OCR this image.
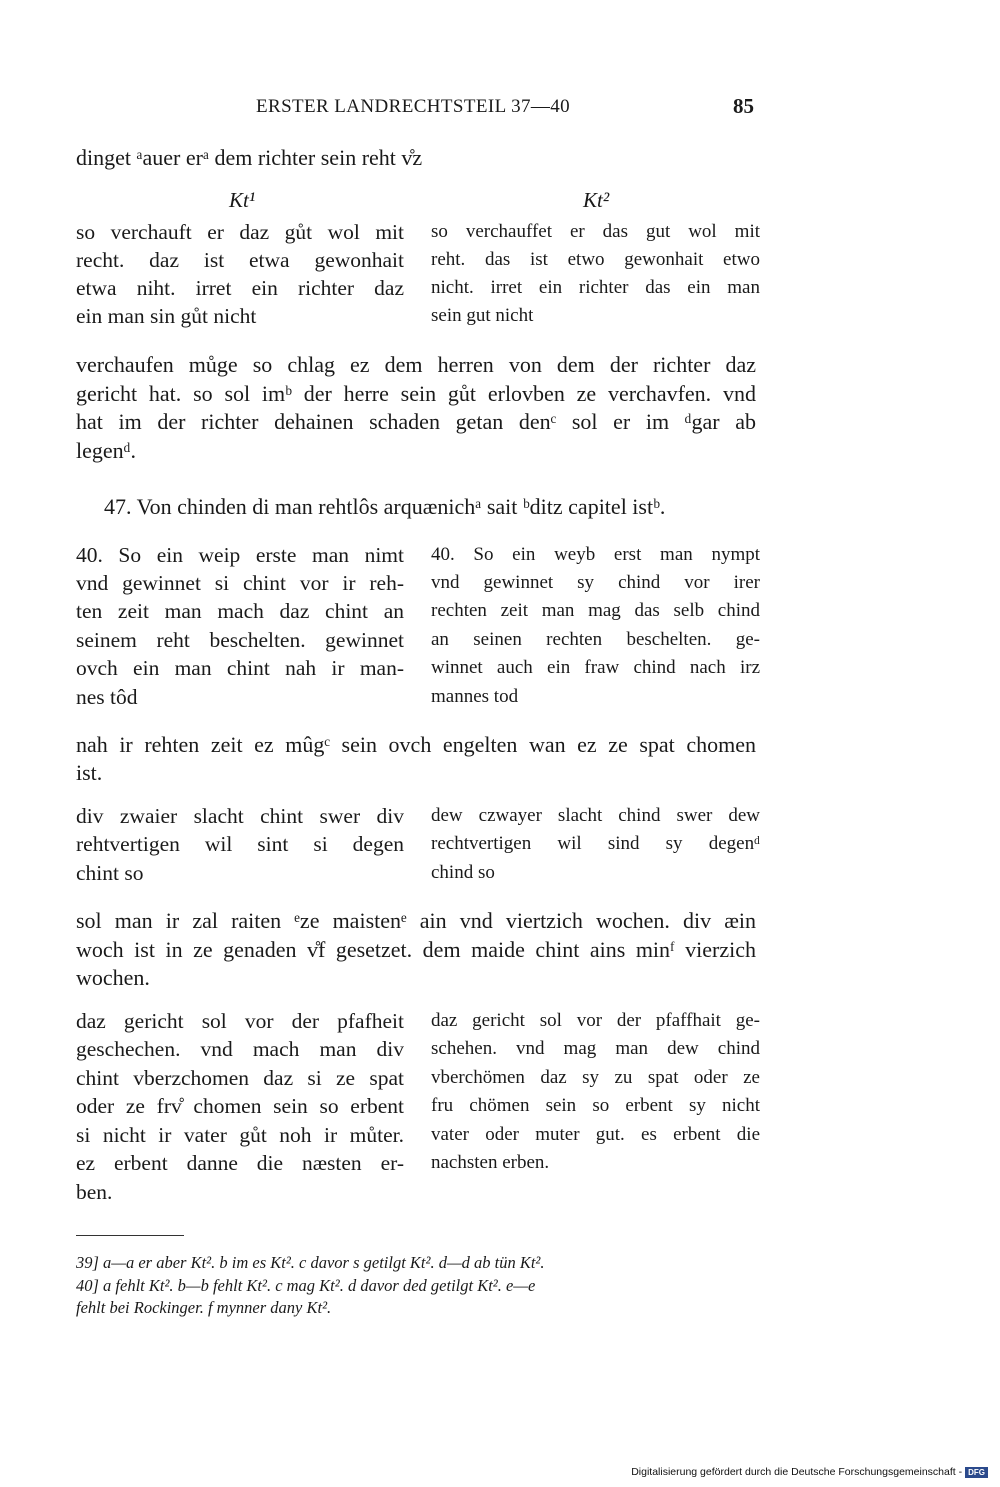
ERSTER LANDRECHTSTEIL 37—40	85
dinget ᵃauer erᵃ dem richter sein reht v̊z
Kt¹	Kt²
so verchauft er daz gůt wol mit
recht. daz ist etwa gewonhait
etwa niht. irret ein richter daz
ein man sin gůt nicht
so verchauffet er das gut wol mit
reht. das ist etwo gewonhait etwo
nicht. irret ein richter das ein man
sein gut nicht
verchaufen můge so chlag ez dem herren von dem der richter daz
gericht hat. so sol imᵇ der herre sein gůt erlovben ze verchavfen. vnd
hat im der richter dehainen schaden getan denᶜ sol er im ᵈgar ab
legenᵈ.
47. Von chinden di man rehtlôs arquænichᵃ sait ᵇditz capitel istᵇ.
40. So ein weip erste man nimt
vnd gewinnet si chint vor ir reh-
ten zeit man mach daz chint an
seinem reht beschelten. gewinnet
ovch ein man chint nah ir man-
nes tôd
40. So ein weyb erst man nympt
vnd gewinnet sy chind vor irer
rechten zeit man mag das selb chind
an seinen rechten beschelten. ge-
winnet auch ein fraw chind nach irz
mannes tod
nah ir rehten zeit ez mûgᶜ sein ovch engelten wan ez ze spat chomen
ist.
div zwaier slacht chint swer div
rehtvertigen wil sint si degen
chint so
dew czwayer slacht chind swer dew
rechtvertigen wil sind sy degenᵈ
chind so
sol man ir zal raiten ᵉze maistenᵉ ain vnd viertzich wochen. div æin
woch ist in ze genaden v̊f gesetzet. dem maide chint ains minᶠ vierzich
wochen.
daz gericht sol vor der pfafheit
geschechen. vnd mach man div
chint vberzchomen daz si ze spat
oder ze frv̊ chomen sein so erbent
si nicht ir vater gůt noh ir můter.
ez erbent danne die næsten er-
ben.
daz gericht sol vor der pfaffhait ge-
schehen. vnd mag man dew chind
vberchömen daz sy zu spat oder ze
fru chömen sein so erbent sy nicht
vater oder muter gut. es erbent die
nachsten erben.
39] a—a er aber Kt². b im es Kt². c davor s getilgt Kt². d—d ab tün Kt².
40] a fehlt Kt². b—b fehlt Kt². c mag Kt². d davor ded getilgt Kt². e—e
fehlt bei Rockinger. f mynner dany Kt².
Digitalisierung gefördert durch die Deutsche Forschungsgemeinschaft - DFG
